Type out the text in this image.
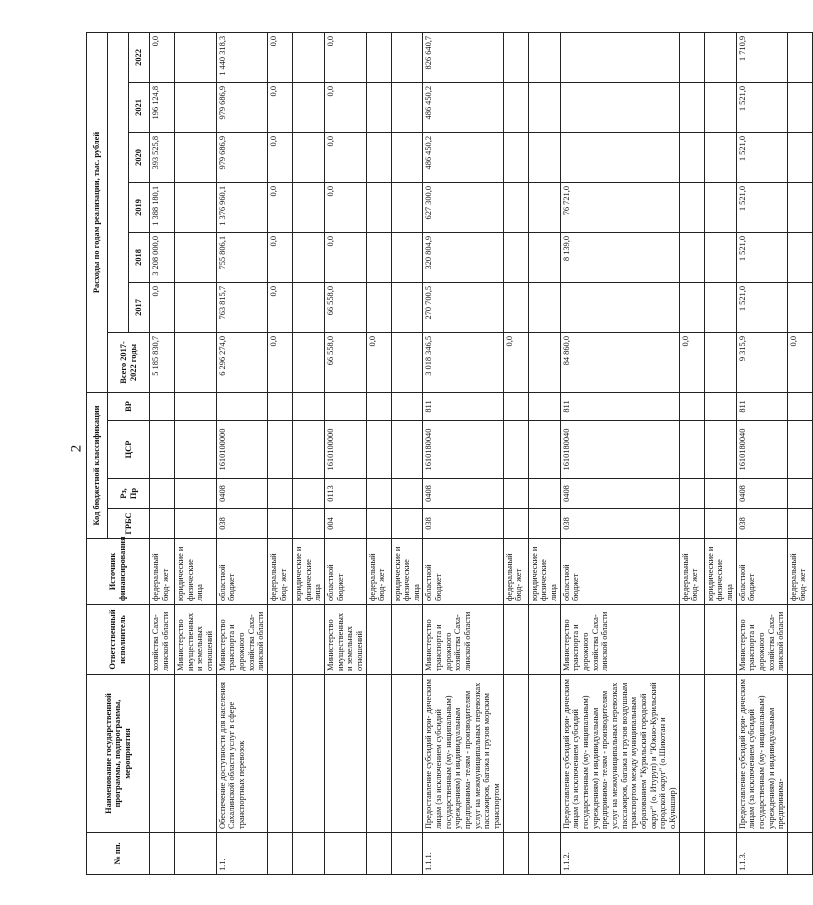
2
№ пп.	Наименование государственной программы, подпрограммы, мероприятия	Ответственный исполнитель	Источник финансирования	Код бюджетной классификации				Расходы по годам реализации, тыс. рублей						
				ГРБС	Рз, Пр	ЦСР	ВР	Всего 2017-2022 годы						
									2017	2018	2019	2020	2021	2022
		хозяйства Саха- линской области	федеральный бюд- жет					5 185 830,7	0,0	3 208 000,0	1 388 180,1	393 525,8	196 124,8	0,0
		Министерство имущественных и земельных отношений	юридические и физические лица											
1.1.	Обеспечение доступности для населения Сахалинской области услуг в сфере транспортных перевозок	Министерство транспорта и дорожного хозяйства Саха- линской области	областной бюджет	038	0408	1610100000		6 296 274,0	763 815,7	755 806,1	1 376 960,1	979 686,9	979 686,9	1 440 318,3
			федеральный бюд- жет					0,0	0,0	0,0	0,0	0,0	0,0	0,0
			юридические и физические лица											
		Министерство имущественных и земельных отношений	областной бюджет	004	0113	1610100000		66 558,0	66 558,0	0,0	0,0	0,0	0,0	0,0
			федеральный бюд- жет					0,0						
			юридические и физические лица											
1.1.1.	Предоставление субсидий юри- дическим лицам (за исключением субсидий государственным (му- ниципальным) учреждениям) и индивидуальным предпринима- телям - производителям услуг на межмуниципальных перевозках пассажиров, багажа и грузов морским транспортом	Министерство транспорта и дорожного хозяйства Саха- линской области	областной бюджет	038	0408	1610180040	811	3 018 346,5	270 700,5	320 804,9	627 300,0	486 450,2	486 450,2	826 640,7
			федеральный бюд- жет					0,0						
			юридические и физические лица											
1.1.2.	Предоставление субсидий юри- дическим лицам (за исключением субсидий государственным (му- ниципальным) учреждениям) и индивидуальным предпринима- телям - производителям услуг на межмуниципальных перевозках пассажиров, багажа и грузов воздушным транспортом между муниципальным образованием "Курильский городской округ" (о. Итуруп) и "Южно-Курильский городской округ" (о.Шикотан и о.Кунашир)	Министерство транспорта и дорожного хозяйства Саха- линской области	областной бюджет	038	0408	1610180040	811	84 860,0		8 139,0	76 721,0			
			федеральный бюд- жет					0,0						
			юридические и физические лица											
1.1.3.	Предоставление субсидий юри- дическим лицам (за исключением субсидий государственным (му- ниципальным) учреждениям) и индивидуальным предпринима-	Министерство транспорта и дорожного хозяйства Саха- линской области	областной бюджет	038	0408	1610180040	811	9 315,9	1 521,0	1 521,0	1 521,0	1 521,0	1 521,0	1 710,9
			федеральный бюд- жет					0,0						
